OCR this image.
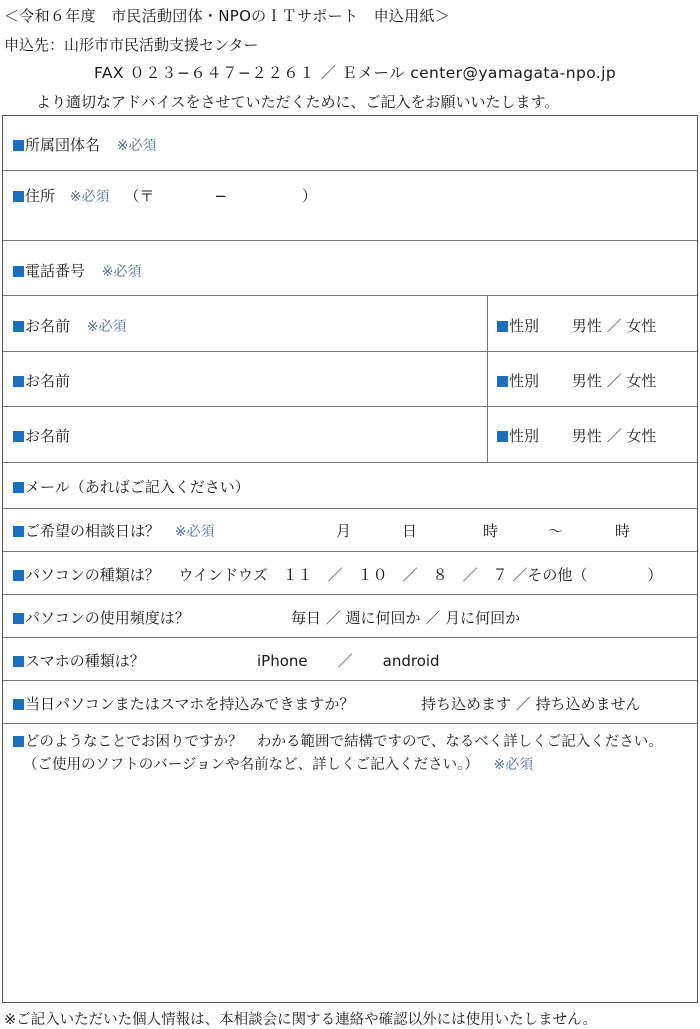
＜令和６年度　市民活動団体・NPOのＩＴサポート　申込用紙＞
申込先：山形市市民活動支援センター
FAX ０２３−６４７−２２６１ ／ Ｅメール center@yamagata-npo.jp
より適切なアドバイスをさせていただくために、ご記入をお願いいたします。
所属団体名 ※必須
住所 ※必須 （〒　　　　−　　　　　）
電話番号 ※必須
お名前 ※必須	性別 男性 ／ 女性
お名前	性別 男性 ／ 女性
お名前	性別 男性 ／ 女性
メール（あればご記入ください）
ご希望の相談日は？ ※必須	月	日	時	～	時
パソコンの種類は？ ウインドウズ　１１　／　１０　／　８　／　７ ／その他（　　　　）
パソコンの使用頻度は？	毎日 ／ 週に何回か ／ 月に何回か
スマホの種類は？	iPhone　　／　　android
当日パソコンまたはスマホを持込みできますか？	持ち込めます ／ 持ち込めません
どのようなことでお困りですか？　わかる範囲で結構ですので、なるべく詳しくご記入ください。
（ご使用のソフトのバージョンや名前など、詳しくご記入ください。） ※必須
※ご記入いただいた個人情報は、本相談会に関する連絡や確認以外には使用いたしません。
